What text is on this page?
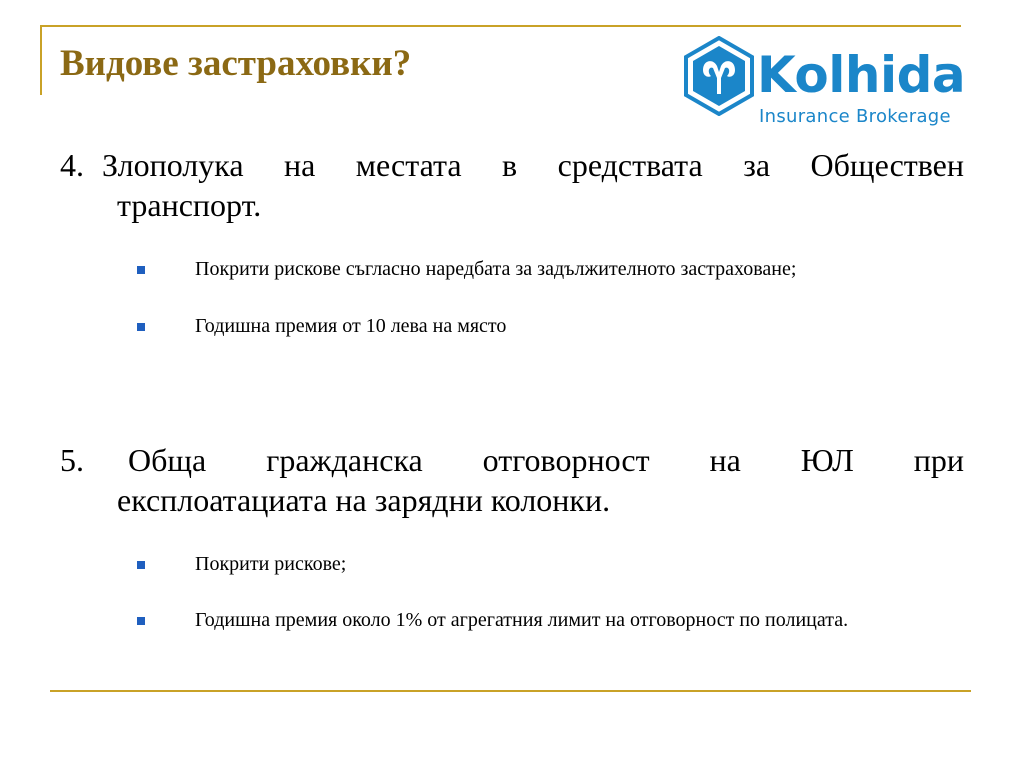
Видове застраховки?	Kolhida
Insurance Brokerage
4. Злополука на местата в средствата за Обществен
транспорт.

Покрити рискове съгласно наредбата за задължителното застраховане;

Годишна премия от 10 лева на място

5. Обща гражданска отговорност на ЮЛ при
експлоатациата на зарядни колонки.

Покрити рискове;

Годишна премия около 1% от агрегатния лимит на отговорност по полицата.
